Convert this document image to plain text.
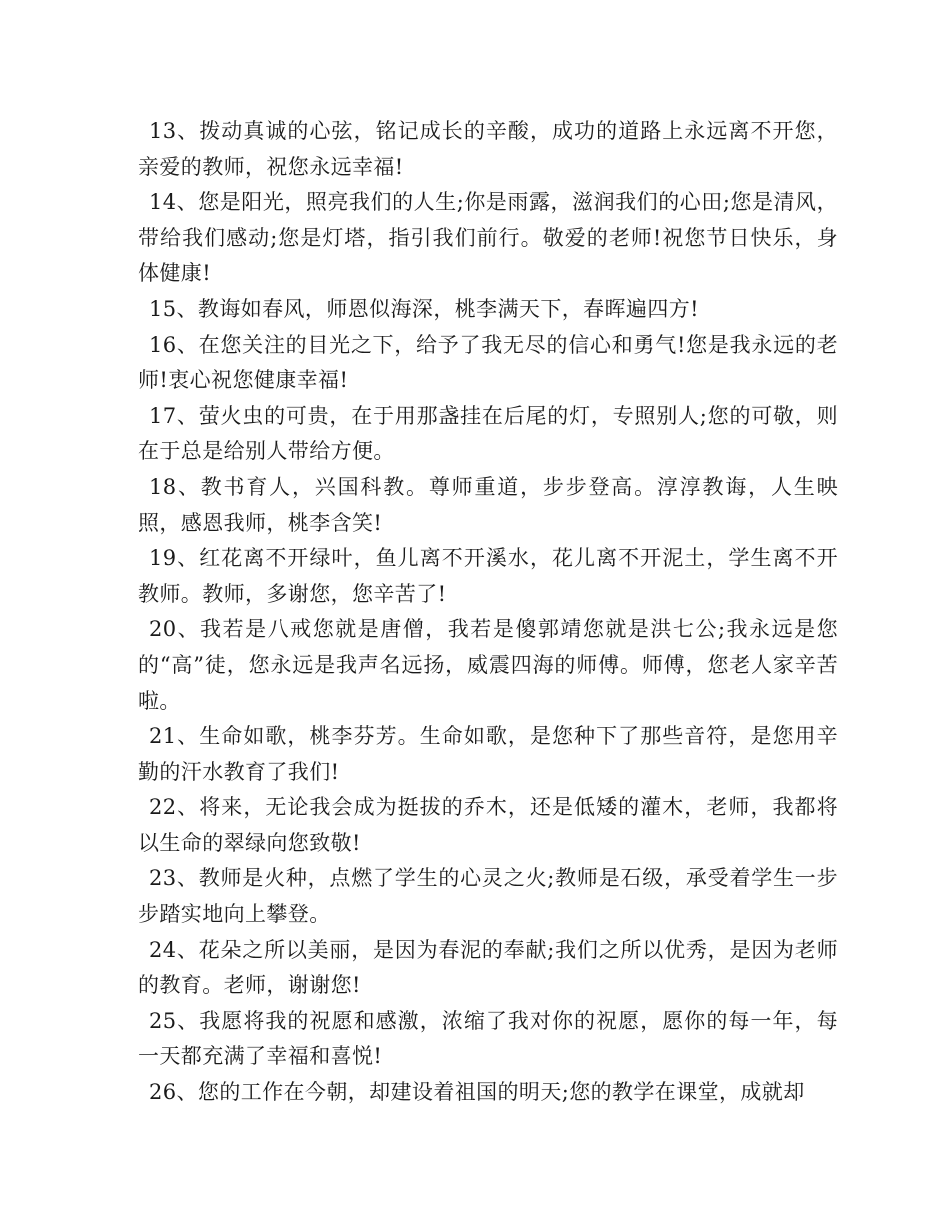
13、拨动真诚的心弦，铭记成长的辛酸，成功的道路上永远离不开您，亲爱的教师，祝您永远幸福!

14、您是阳光，照亮我们的人生;你是雨露，滋润我们的心田;您是清风，带给我们感动;您是灯塔，指引我们前行。敬爱的老师!祝您节日快乐，身体健康!

15、教诲如春风，师恩似海深，桃李满天下，春晖遍四方!

16、在您关注的目光之下，给予了我无尽的信心和勇气!您是我永远的老师!衷心祝您健康幸福!

17、萤火虫的可贵，在于用那盏挂在后尾的灯，专照别人;您的可敬，则在于总是给别人带给方便。

18、教书育人，兴国科教。尊师重道，步步登高。淳淳教诲，人生映照，感恩我师，桃李含笑!

19、红花离不开绿叶，鱼儿离不开溪水，花儿离不开泥土，学生离不开教师。教师，多谢您，您辛苦了!

20、我若是八戒您就是唐僧，我若是傻郭靖您就是洪七公;我永远是您的“高”徒，您永远是我声名远扬，威震四海的师傅。师傅，您老人家辛苦啦。

21、生命如歌，桃李芬芳。生命如歌，是您种下了那些音符，是您用辛勤的汗水教育了我们!

22、将来，无论我会成为挺拔的乔木，还是低矮的灌木，老师，我都将以生命的翠绿向您致敬!

23、教师是火种，点燃了学生的心灵之火;教师是石级，承受着学生一步步踏实地向上攀登。

24、花朵之所以美丽，是因为春泥的奉献;我们之所以优秀，是因为老师的教育。老师，谢谢您!

25、我愿将我的祝愿和感激，浓缩了我对你的祝愿，愿你的每一年，每一天都充满了幸福和喜悦!

26、您的工作在今朝，却建设着祖国的明天;您的教学在课堂，成就却
